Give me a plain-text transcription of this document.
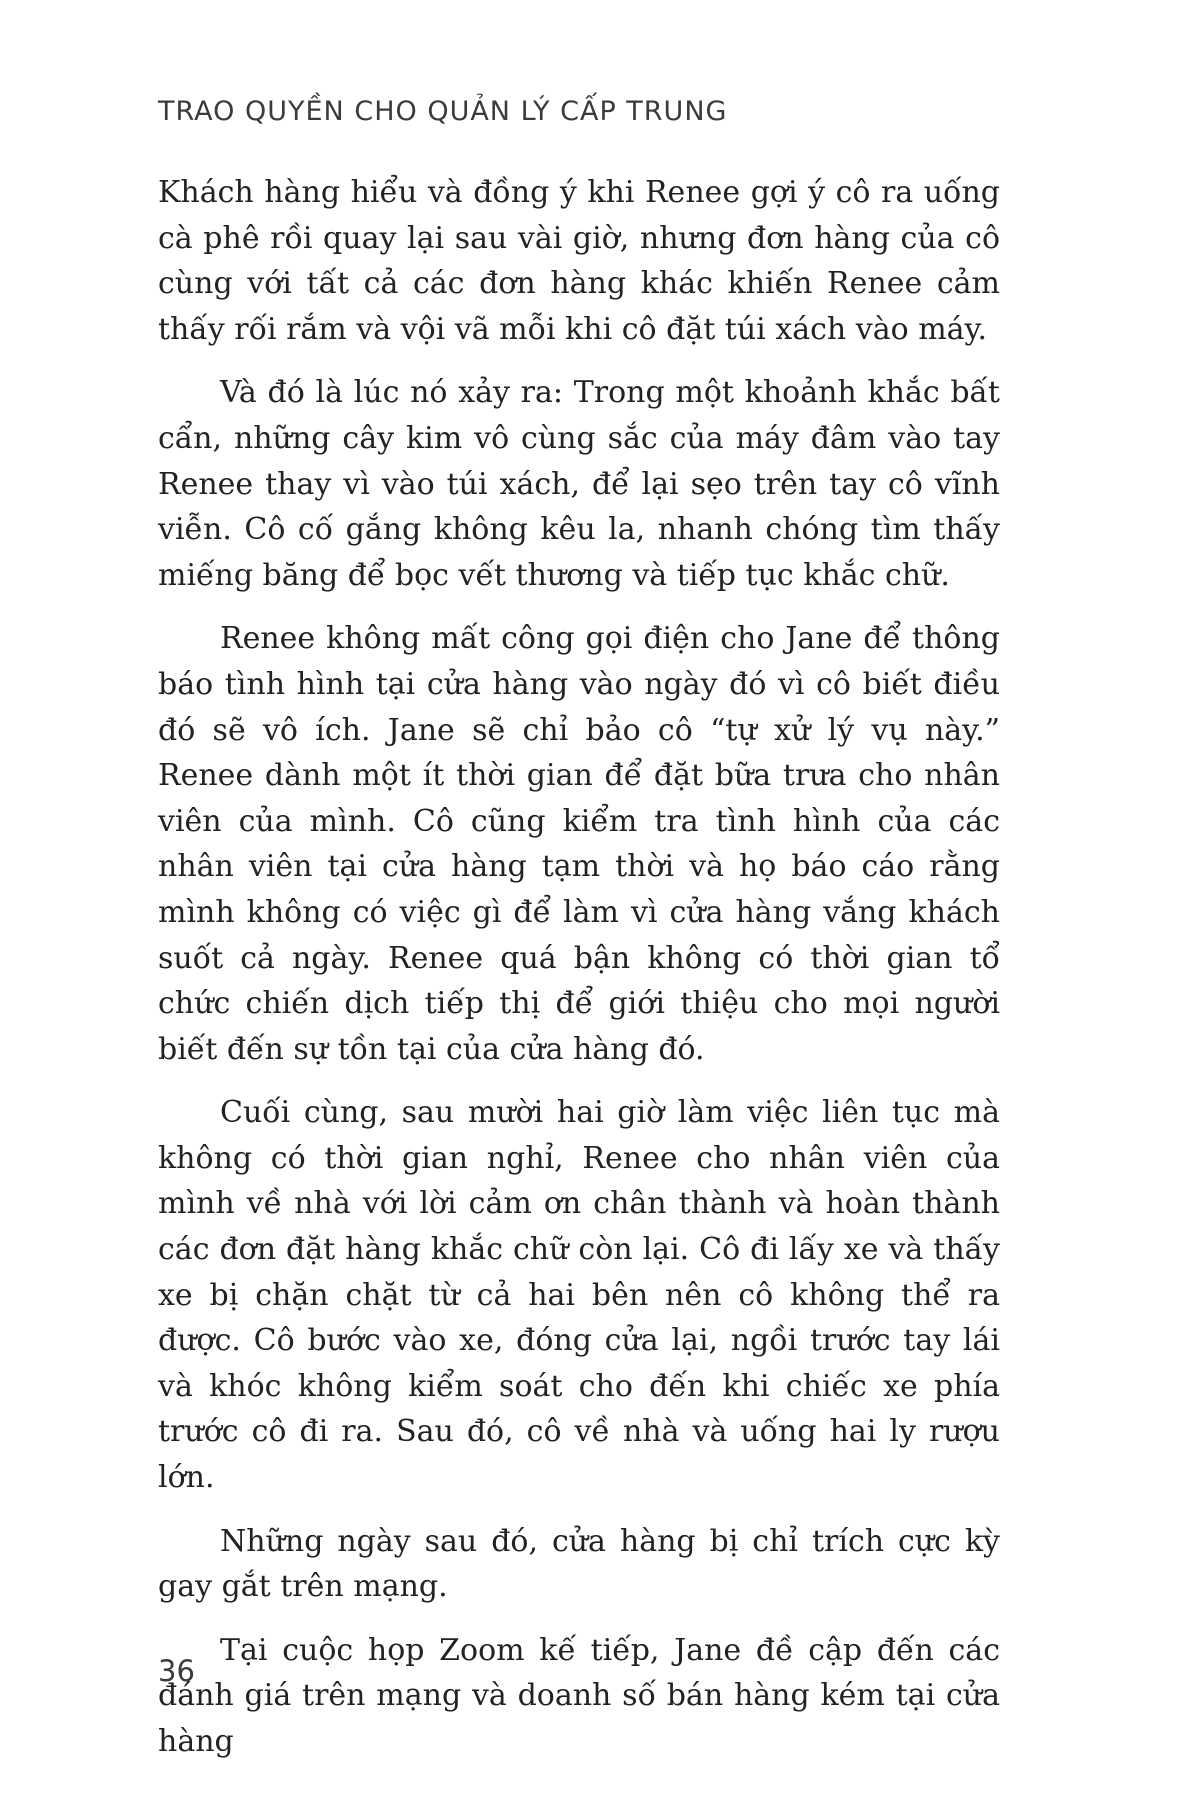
TRAO QUYỀN CHO QUẢN LÝ CẤP TRUNG

Khách hàng hiểu và đồng ý khi Renee gợi ý cô ra uống cà phê rồi quay lại sau vài giờ, nhưng đơn hàng của cô cùng với tất cả các đơn hàng khác khiến Renee cảm thấy rối rắm và vội vã mỗi khi cô đặt túi xách vào máy.

Và đó là lúc nó xảy ra: Trong một khoảnh khắc bất cẩn, những cây kim vô cùng sắc của máy đâm vào tay Renee thay vì vào túi xách, để lại sẹo trên tay cô vĩnh viễn. Cô cố gắng không kêu la, nhanh chóng tìm thấy miếng băng để bọc vết thương và tiếp tục khắc chữ.

Renee không mất công gọi điện cho Jane để thông báo tình hình tại cửa hàng vào ngày đó vì cô biết điều đó sẽ vô ích. Jane sẽ chỉ bảo cô “tự xử lý vụ này.” Renee dành một ít thời gian để đặt bữa trưa cho nhân viên của mình. Cô cũng kiểm tra tình hình của các nhân viên tại cửa hàng tạm thời và họ báo cáo rằng mình không có việc gì để làm vì cửa hàng vắng khách suốt cả ngày. Renee quá bận không có thời gian tổ chức chiến dịch tiếp thị để giới thiệu cho mọi người biết đến sự tồn tại của cửa hàng đó.

Cuối cùng, sau mười hai giờ làm việc liên tục mà không có thời gian nghỉ, Renee cho nhân viên của mình về nhà với lời cảm ơn chân thành và hoàn thành các đơn đặt hàng khắc chữ còn lại. Cô đi lấy xe và thấy xe bị chặn chặt từ cả hai bên nên cô không thể ra được. Cô bước vào xe, đóng cửa lại, ngồi trước tay lái và khóc không kiểm soát cho đến khi chiếc xe phía trước cô đi ra. Sau đó, cô về nhà và uống hai ly rượu lớn.

Những ngày sau đó, cửa hàng bị chỉ trích cực kỳ gay gắt trên mạng.

Tại cuộc họp Zoom kế tiếp, Jane đề cập đến các đánh giá trên mạng và doanh số bán hàng kém tại cửa hàng

36
